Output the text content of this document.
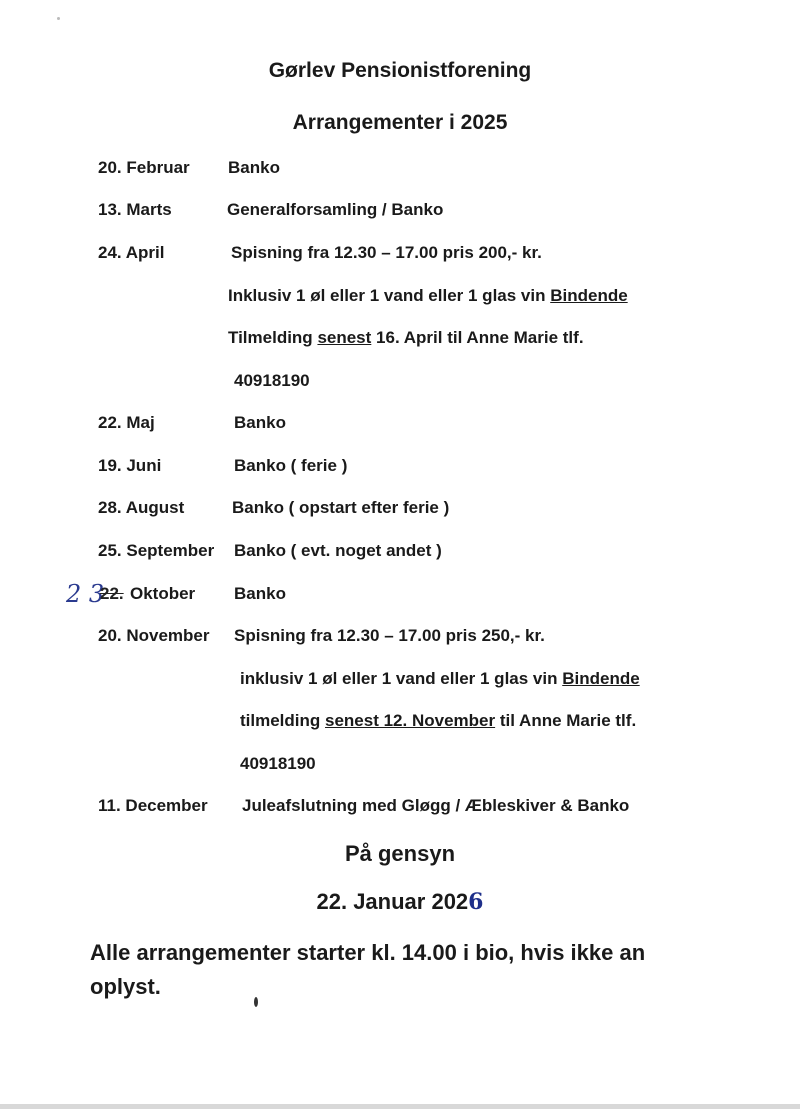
Gørlev Pensionistforening
Arrangementer i 2025
20. Februar Banko
13. Marts	Generalforsamling / Banko
24. April	Spisning fra 12.30 – 17.00 pris 200,- kr.
Inklusiv 1 øl eller 1 vand eller 1 glas vin Bindende
Tilmelding senest 16. April til Anne Marie tlf.
40918190
22. Maj	Banko
19. Juni	Banko ( ferie )
28. August	Banko ( opstart efter ferie )
25. September Banko ( evt. noget andet )
2 3
22. Oktober Banko
20. November Spisning fra 12.30 – 17.00 pris 250,- kr.
inklusiv 1 øl eller 1 vand eller 1 glas vin Bindende
tilmelding senest 12. November til Anne Marie tlf.
40918190
11. December Juleafslutning med Gløgg / Æbleskiver & Banko
På gensyn
22. Januar 2026
Alle arrangementer starter kl. 14.00 i bio, hvis ikke an oplyst.
